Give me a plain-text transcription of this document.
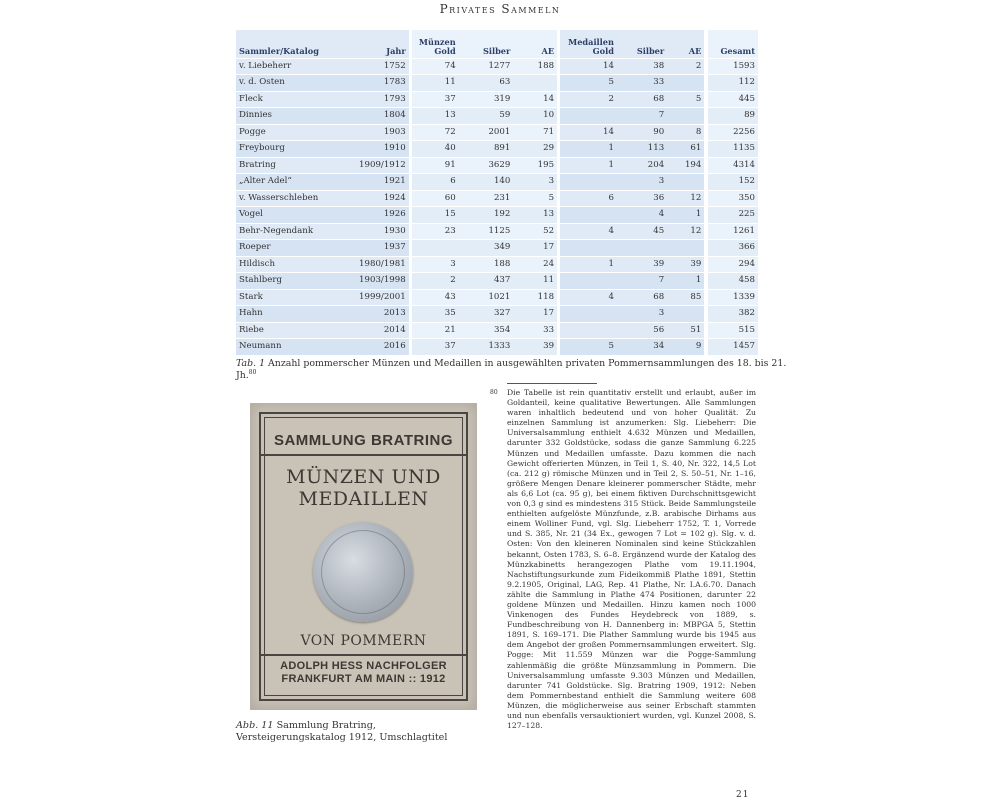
Privates Sammeln
Sammler/Katalog	Jahr		Münzen Gold	Silber	AE		Medaillen Gold	Silber	AE		Gesamt
v. Liebeherr	1752		74	1277	188		14	38	2		1593
v. d. Osten	1783		11	63			5	33			112
Fleck	1793		37	319	14		2	68	5		445
Dinnies	1804		13	59	10			7			89
Pogge	1903		72	2001	71		14	90	8		2256
Freybourg	1910		40	891	29		1	113	61		1135
Bratring	1909/1912		91	3629	195		1	204	194		4314
„Alter Adel“	1921		6	140	3			3			152
v. Wasserschleben	1924		60	231	5		6	36	12		350
Vogel	1926		15	192	13			4	1		225
Behr-Negendank	1930		23	1125	52		4	45	12		1261
Roeper	1937			349	17						366
Hildisch	1980/1981		3	188	24		1	39	39		294
Stahlberg	1903/1998		2	437	11			7	1		458
Stark	1999/2001		43	1021	118		4	68	85		1339
Hahn	2013		35	327	17			3			382
Riebe	2014		21	354	33			56	51		515
Neumann	2016		37	1333	39		5	34	9		1457
Tab. 1 Anzahl pommerscher Münzen und Medaillen in ausgewählten privaten Pommernsammlungen des 18. bis 21. Jh.$^{80}$
SAMMLUNG BRATRING
MÜNZEN UND
MEDAILLEN
VON POMMERN
ADOLPH HESS NACHFOLGER
FRANKFURT AM MAIN :: 1912
Abb. 11 Sammlung Bratring, Versteigerungskatalog 1912, Umschlagtitel
80 Die Tabelle ist rein quantitativ erstellt und erlaubt, außer im Goldanteil, keine qualitative Bewertungen. Alle Sammlungen waren inhaltlich bedeutend und von hoher Qualität. Zu einzelnen Sammlung ist anzumerken: Slg. Liebeherr: Die Universalsammlung enthielt 4.632 Münzen und Medaillen, darunter 332 Goldstücke, sodass die ganze Sammlung 6.225 Münzen und Medaillen umfasste. Dazu kommen die nach Gewicht offerierten Münzen, in Teil 1, S. 40, Nr. 322, 14,5 Lot (ca. 212 g) römische Münzen und in Teil 2, S. 50–51, Nr. 1–16, größere Mengen Denare kleinerer pommerscher Städte, mehr als 6,6 Lot (ca. 95 g), bei einem fiktiven Durchschnittsgewicht von 0,3 g sind es mindestens 315 Stück. Beide Sammlungsteile enthielten aufgelöste Münzfunde, z.B. arabische Dirhams aus einem Wolliner Fund, vgl. Slg. Liebeherr 1752, T. 1, Vorrede und S. 385, Nr. 21 (34 Ex., gewogen 7 Lot = 102 g). Slg. v. d. Osten: Von den kleineren Nominalen sind keine Stückzahlen bekannt, Osten 1783, S. 6–8. Ergänzend wurde der Katalog des Münzkabinetts herangezogen Plathe vom 19.11.1904, Nachstiftungsurkunde zum Fideikommiß Plathe 1891, Stettin 9.2.1905, Original, LAG, Rep. 41 Plathe, Nr. I.A.6.70. Danach zählte die Sammlung in Plathe 474 Positionen, darunter 22 goldene Münzen und Medaillen. Hinzu kamen noch 1000 Vinkenogen des Fundes Heydebreck von 1889, s. Fundbeschreibung von H. Dannenberg in: MBPGA 5, Stettin 1891, S. 169–171. Die Plather Sammlung wurde bis 1945 aus dem Angebot der großen Pommernsammlungen erweitert. Slg. Pogge: Mit 11.559 Münzen war die Pogge-Sammlung zahlenmäßig die größte Münzsammlung in Pommern. Die Universalsammlung umfasste 9.303 Münzen und Medaillen, darunter 741 Goldstücke. Slg. Bratring 1909, 1912: Neben dem Pommernbestand enthielt die Sammlung weitere 608 Münzen, die möglicherweise aus seiner Erbschaft stammten und nun ebenfalls versauktioniert wurden, vgl. Kunzel 2008, S. 127–128.
21
